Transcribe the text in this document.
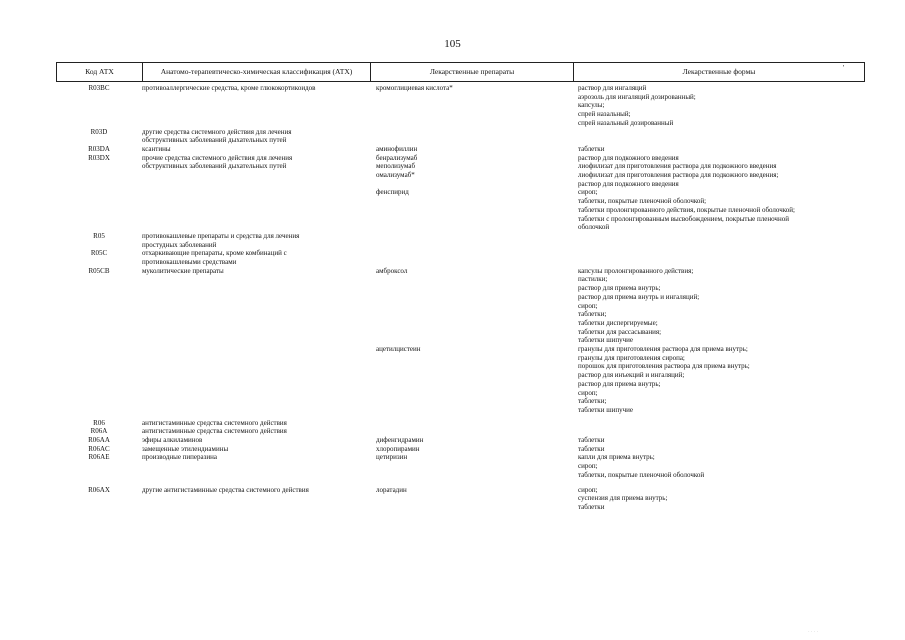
105
Код АТХ	Анатомо-терапевтическо-химическая классификация (АТХ)	Лекарственные препараты	Лекарственные формы	'
R03BC	противоаллергические средства, кроме глюкокортикоидов	кромоглициевая кислота*	раствор для ингаляций
аэрозоль для ингаляций дозированный;
капсулы;
спрей назальный;
спрей назальный дозированный
R03D	другие средства системного действия для лечения
обструктивных заболеваний дыхательных путей
R03DA	ксантины	аминофиллин	таблетки
R03DX	прочие средства системного действия для лечения
обструктивных заболеваний дыхательных путей
бенрализумаб	раствор для подкожного введения
меполизумаб	лиофилизат для приготовления раствора для подкожного введения
омализумаб*	лиофилизат для приготовления раствора для подкожного введения;
раствор для подкожного введения
фенспирид	сироп;
таблетки, покрытые пленочной оболочкой;
таблетки пролонгированного действия, покрытые пленочной оболочкой;
таблетки с пролонгированным высвобождением, покрытые пленочной
оболочкой
R05	противокашлевые препараты и средства для лечения
простудных заболеваний
R05C	отхаркивающие препараты, кроме комбинаций с
противокашлевыми средствами
R05CB	муколитические препараты	амброксол	капсулы пролонгированного действия;
пастилки;
раствор для приема внутрь;
раствор для приема внутрь и ингаляций;
сироп;
таблетки;
таблетки диспергируемые;
таблетки для рассасывания;
таблетки шипучие
ацетилцистеин	гранулы для приготовления раствора для приема внутрь;
гранулы для приготовления сиропа;
порошок для приготовления раствора для приема внутрь;
раствор для инъекций и ингаляций;
раствор для приема внутрь;
сироп;
таблетки;
таблетки шипучие
R06	антигистаминные средства системного действия
R06A	антигистаминные средства системного действия
R06AA	эфиры алкиламинов	дифенгидрамин	таблетки
R06AC	замещенные этилендиамины	хлоропирамин	таблетки
R06AE	производные пиперазина	цетиризин	капли для приема внутрь;
сироп;
таблетки, покрытые пленочной оболочкой
R06AX	другие антигистаминные средства системного действия	лоратадин	сироп;
суспензия для приема внутрь;
таблетки
· · · ·
